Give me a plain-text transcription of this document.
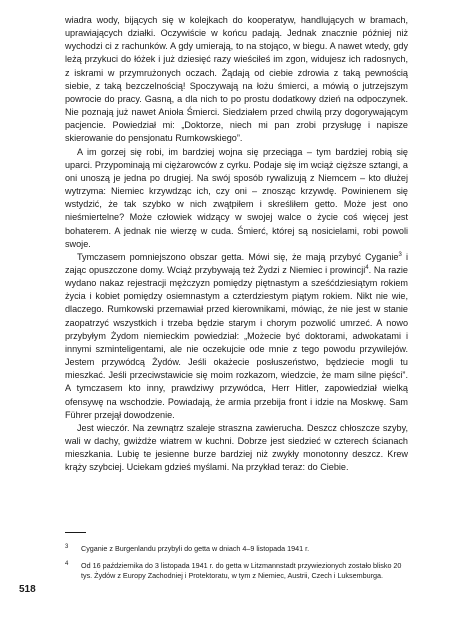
wiadra wody, bijących się w kolejkach do kooperatyw, handlujących w bramach, uprawiających działki. Oczywiście w końcu padają. Jednak znacznie później niż wychodzi ci z rachunków. A gdy umierają, to na stojąco, w biegu. A nawet wtedy, gdy leżą przykuci do łóżek i już dziesięć razy wieściłeś im zgon, widujesz ich radosnych, z iskrami w przymrużonych oczach. Żądają od ciebie zdrowia z taką pewnością siebie, z taką bezczelnością! Spoczywają na łożu śmierci, a mówią o jutrzejszym powrocie do pracy. Gasną, a dla nich to po prostu dodatkowy dzień na odpoczynek. Nie poznają już nawet Anioła Śmierci. Siedziałem przed chwilą przy dogorywającym pacjencie. Powiedział mi: „Doktorze, niech mi pan zrobi przysługę i napisze skierowanie do pensjonatu Rumkowskiego”.

A im gorzej się robi, im bardziej wojna się przeciąga – tym bardziej robią się uparci. Przypominają mi ciężarowców z cyrku. Podaje się im wciąż cięższe sztangi, a oni unoszą je jedna po drugiej. Na swój sposób rywalizują z Niemcem – kto dłużej wytrzyma: Niemiec krzywdząc ich, czy oni – znosząc krzywdę. Powinienem się wstydzić, że tak szybko w nich zwątpiłem i skreśliłem getto. Może jest ono nieśmiertelne? Może człowiek widzący w swojej walce o życie coś więcej jest bohaterem. A jednak nie wierzę w cuda. Śmierć, której są nosicielami, robi powoli swoje.

Tymczasem pomniejszono obszar getta. Mówi się, że mają przybyć Cyganie$^3$ i zając opuszczone domy. Wciąż przybywają też Żydzi z Niemiec i prowincji$^4$. Na razie wydano nakaz rejestracji mężczyzn pomiędzy piętnastym a sześćdziesiątym rokiem życia i kobiet pomiędzy osiemnastym a czterdziestym piątym rokiem. Nikt nie wie, dlaczego. Rumkowski przemawiał przed kierownikami, mówiąc, że nie jest w stanie zaopatrzyć wszystkich i trzeba będzie starym i chorym pozwolić umrzeć. A nowo przybyłym Żydom niemieckim powiedział: „Możecie być doktorami, adwokatami i innymi szminteligentami, ale nie oczekujcie ode mnie z tego powodu przywilejów. Jestem przywódcą Żydów. Jeśli okażecie posłuszeństwo, będziecie mogli tu mieszkać. Jeśli przeciwstawicie się moim rozkazom, wiedzcie, że mam silne pięści”. A tymczasem kto inny, prawdziwy przywódca, Herr Hitler, zapowiedział wielką ofensywę na wschodzie. Powiadają, że armia przebija front i idzie na Moskwę. Sam Führer przejął dowodzenie.

Jest wieczór. Na zewnątrz szaleje straszna zawierucha. Deszcz chłoszcze szyby, wali w dachy, gwiżdże wiatrem w kuchni. Dobrze jest siedzieć w czterech ścianach mieszkania. Lubię te jesienne burze bardziej niż zwykły monotonny deszcz. Krew krąży szybciej. Uciekam gdzieś myślami. Na przykład teraz: do Ciebie.

3 Cyganie z Burgenlandu przybyli do getta w dniach 4–9 listopada 1941 r.
4 Od 16 października do 3 listopada 1941 r. do getta w Litzmannstadt przywiezionych zostało blisko 20 tys. Żydów z Europy Zachodniej i Protektoratu, w tym z Niemiec, Austrii, Czech i Luksemburga.
518
